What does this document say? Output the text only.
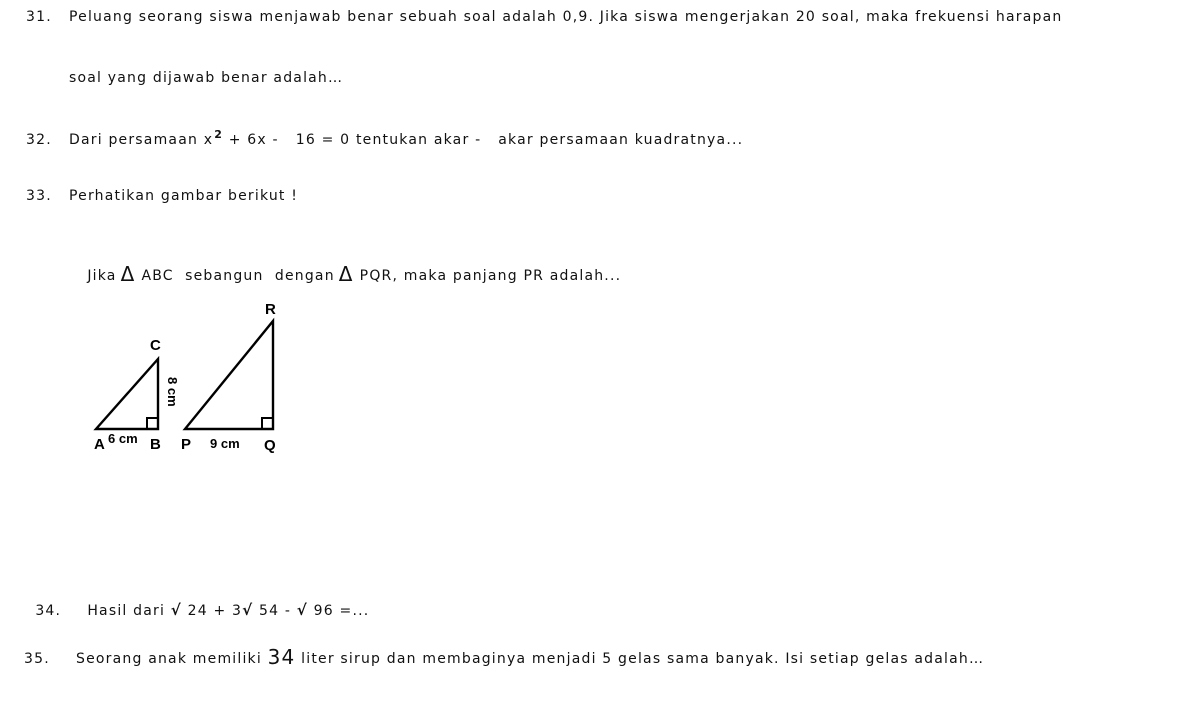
31. Peluang seorang siswa menjawab benar sebuah soal adalah 0,9. Jika siswa mengerjakan 20 soal, maka frekuensi harapan
soal yang dijawab benar adalah…
32. Dari persamaan $x^2 + 6x - 16 = 0$ tentukan akar -   akar persamaan kuadratnya...
33. Perhatikan gambar berikut !

Jika Δ ABC  sebangun  dengan Δ PQR, maka panjang PR adalah...

A	B
C
6 cm
8 cm
P	Q
R
9 cm

34. Hasil dari √ 24 + 3√ 54 - √ 96 =...

35. Seorang anak memiliki 34 liter sirup dan membaginya menjadi 5 gelas sama banyak. Isi setiap gelas adalah…
